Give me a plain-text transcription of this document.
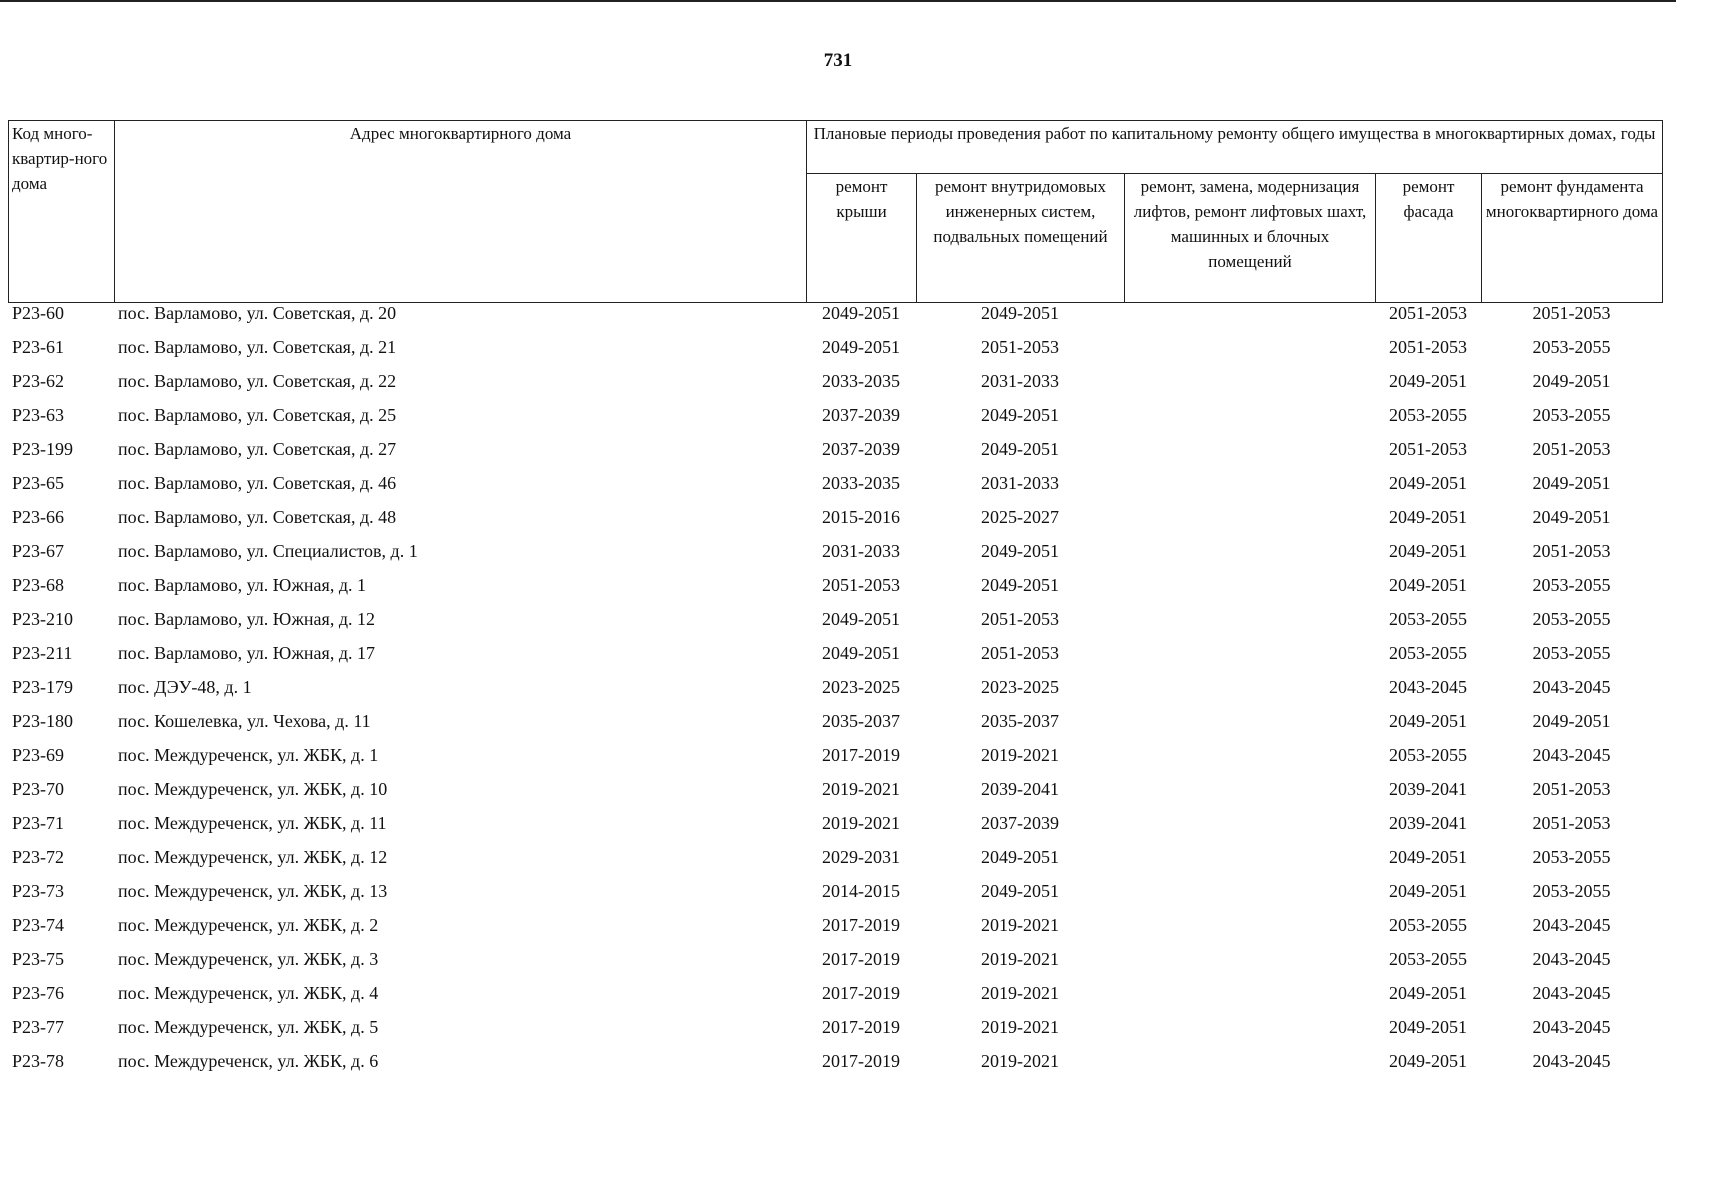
731
Код много-квартир-ного дома	Адрес многоквартирного дома	Плановые периоды проведения работ по капитальному ремонту общего имущества в многоквартирных домах, годы				
		ремонт крыши	ремонт внутридомовых инженерных систем, подвальных помещений	ремонт, замена, модернизация лифтов, ремонт лифтовых шахт, машинных и блочных помещений	ремонт фасада	ремонт фундамента многоквартирного дома
Р23-60	пос. Варламово, ул. Советская, д. 20	2049-2051	2049-2051		2051-2053	2051-2053
Р23-61	пос. Варламово, ул. Советская, д. 21	2049-2051	2051-2053		2051-2053	2053-2055
Р23-62	пос. Варламово, ул. Советская, д. 22	2033-2035	2031-2033		2049-2051	2049-2051
Р23-63	пос. Варламово, ул. Советская, д. 25	2037-2039	2049-2051		2053-2055	2053-2055
Р23-199	пос. Варламово, ул. Советская, д. 27	2037-2039	2049-2051		2051-2053	2051-2053
Р23-65	пос. Варламово, ул. Советская, д. 46	2033-2035	2031-2033		2049-2051	2049-2051
Р23-66	пос. Варламово, ул. Советская, д. 48	2015-2016	2025-2027		2049-2051	2049-2051
Р23-67	пос. Варламово, ул. Специалистов, д. 1	2031-2033	2049-2051		2049-2051	2051-2053
Р23-68	пос. Варламово, ул. Южная, д. 1	2051-2053	2049-2051		2049-2051	2053-2055
Р23-210	пос. Варламово, ул. Южная, д. 12	2049-2051	2051-2053		2053-2055	2053-2055
Р23-211	пос. Варламово, ул. Южная, д. 17	2049-2051	2051-2053		2053-2055	2053-2055
Р23-179	пос. ДЭУ-48, д. 1	2023-2025	2023-2025		2043-2045	2043-2045
Р23-180	пос. Кошелевка, ул. Чехова, д. 11	2035-2037	2035-2037		2049-2051	2049-2051
Р23-69	пос. Междуреченск, ул. ЖБК, д. 1	2017-2019	2019-2021		2053-2055	2043-2045
Р23-70	пос. Междуреченск, ул. ЖБК, д. 10	2019-2021	2039-2041		2039-2041	2051-2053
Р23-71	пос. Междуреченск, ул. ЖБК, д. 11	2019-2021	2037-2039		2039-2041	2051-2053
Р23-72	пос. Междуреченск, ул. ЖБК, д. 12	2029-2031	2049-2051		2049-2051	2053-2055
Р23-73	пос. Междуреченск, ул. ЖБК, д. 13	2014-2015	2049-2051		2049-2051	2053-2055
Р23-74	пос. Междуреченск, ул. ЖБК, д. 2	2017-2019	2019-2021		2053-2055	2043-2045
Р23-75	пос. Междуреченск, ул. ЖБК, д. 3	2017-2019	2019-2021		2053-2055	2043-2045
Р23-76	пос. Междуреченск, ул. ЖБК, д. 4	2017-2019	2019-2021		2049-2051	2043-2045
Р23-77	пос. Междуреченск, ул. ЖБК, д. 5	2017-2019	2019-2021		2049-2051	2043-2045
Р23-78	пос. Междуреченск, ул. ЖБК, д. 6	2017-2019	2019-2021		2049-2051	2043-2045
